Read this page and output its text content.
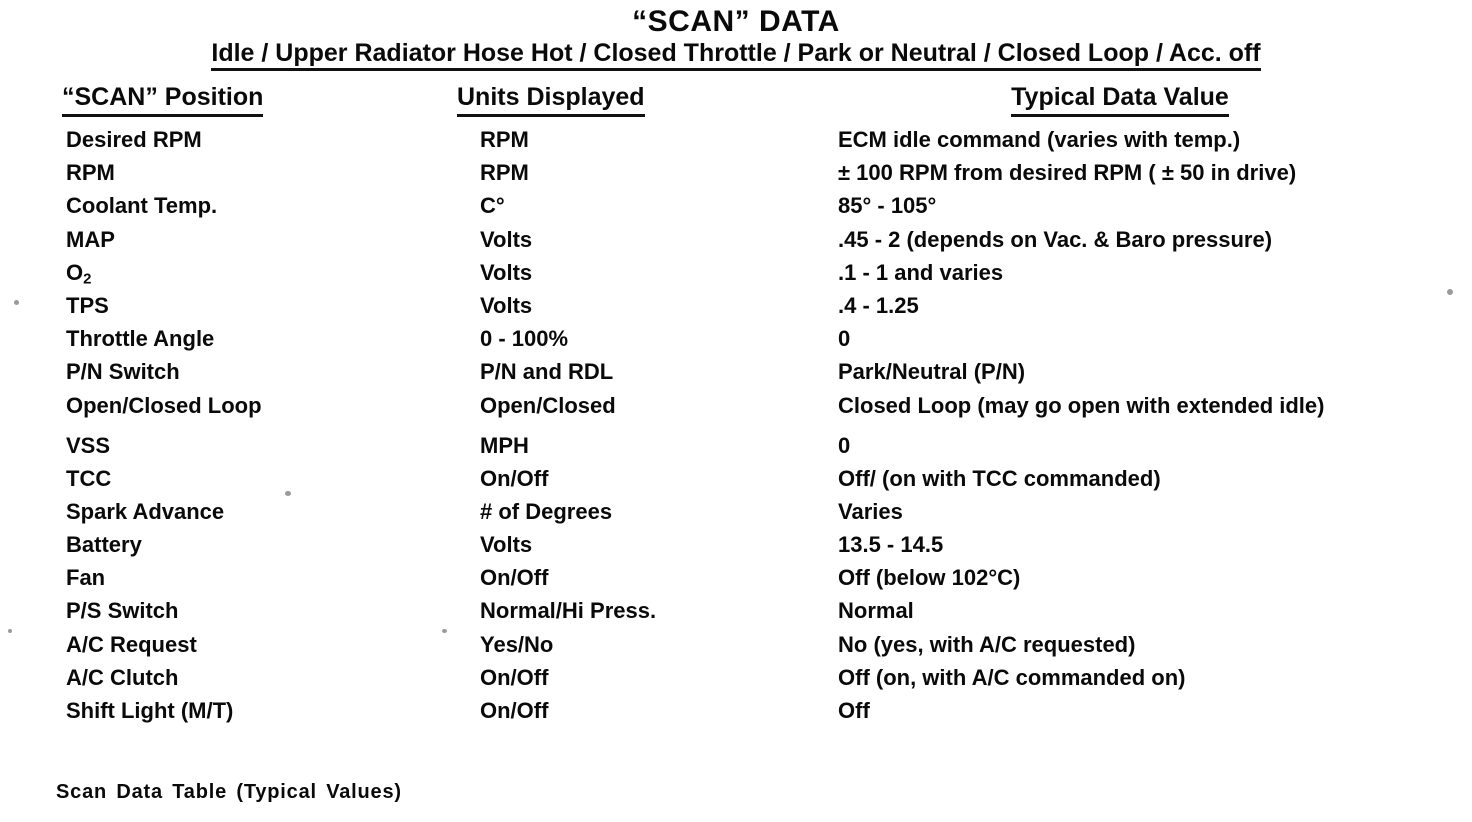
“SCAN” DATA
Idle / Upper Radiator Hose Hot / Closed Throttle / Park or Neutral / Closed Loop / Acc. off
“SCAN” Position	Units Displayed	Typical Data Value
Desired RPM	RPM	ECM idle command (varies with temp.)
RPM	RPM	± 100 RPM from desired RPM ( ± 50 in drive)
Coolant Temp.	C°	85° - 105°
MAP	Volts	.45 - 2 (depends on Vac. & Baro pressure)
$O_2$	Volts	.1 - 1 and varies
TPS	Volts	.4 - 1.25
Throttle Angle	0 - 100%	0
P/N Switch	P/N and RDL	Park/Neutral (P/N)
Open/Closed Loop	Open/Closed	Closed Loop (may go open with extended idle)
VSS	MPH	0
TCC	On/Off	Off/ (on with TCC commanded)
Spark Advance	# of Degrees	Varies
Battery	Volts	13.5 - 14.5
Fan	On/Off	Off (below 102°C)
P/S Switch	Normal/Hi Press.	Normal
A/C Request	Yes/No	No (yes, with A/C requested)
A/C Clutch	On/Off	Off (on, with A/C commanded on)
Shift Light (M/T)	On/Off	Off
Scan Data Table (Typical Values)
